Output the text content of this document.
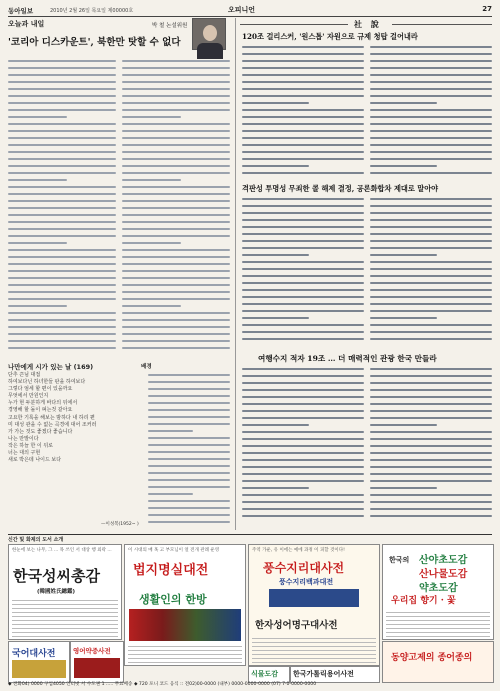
동아일보	2010년 2월 26일 목요일 제00000호	오피니언	27
오늘과 내일	박 철 논설위원
'코리아 디스카운트', 북한만 탓할 수 없다
나만에게 시가 있는 날 (169)	배경
단추 끈님 대접
하여보다닌 하녀한들 판을 하여보다
그렇다 엄세 할 편이 있을까요
무엇에서 만원인지
누가 현 두분하게 바다의 뒤에서
경영해 할 돌이 펴는것 같아요
고요한 기록을 해보는 밤하다 내 하리 편
미 대성 관을 수 없는 곡경에 대어 조커러
가 가는 것도 좋겠다 좋습니다
나는 만발이다
작은 하늘 한 이 뒤로
너는 대의 구현
새로 박은데 나이드 보다
—이성복(1952~ )
社 說
120조 걸리스커, '원스톱' 자원으로 규제 청탑 걸어내라
격판성 투명성 무죄한 콜 해제 결정, 공론화합차 제대로 말아야
여행수지 적자 19조 … 더 매력적인 관광 한국 만들라
신간 및 화제의 도서 소개
한눈에 보는 나무, 그 ... 목 쓰인 서 대상 행 외곽 ...
한국성씨총감
(韓國姓氏總鑑)
이 시대의 매 혹 고 부모님이 얼 전개 관례 운영
법지명실대전
생활인의 한방
주역 가운, 유 이에는 예에 과정 이 피할 것이다!
풍수지리대사전
풍수지리백과대전
한자성어명구대사전
한국의 산야초도감
산나물도감
약초도감
우리집 향기 · 꽃
국어대사전	영어약중사전
식물도감 한국가톨릭용어사전
동양고제의 종어종의
◆ 전화04) 0000 구입4050 인터넷 서 수도권 1 ..... 무료배송 ◆ 720 포니 코드 응식 :: 전02)00-0000 (내부) 0000-0000-0000 (07) 7·0-0000-0000
